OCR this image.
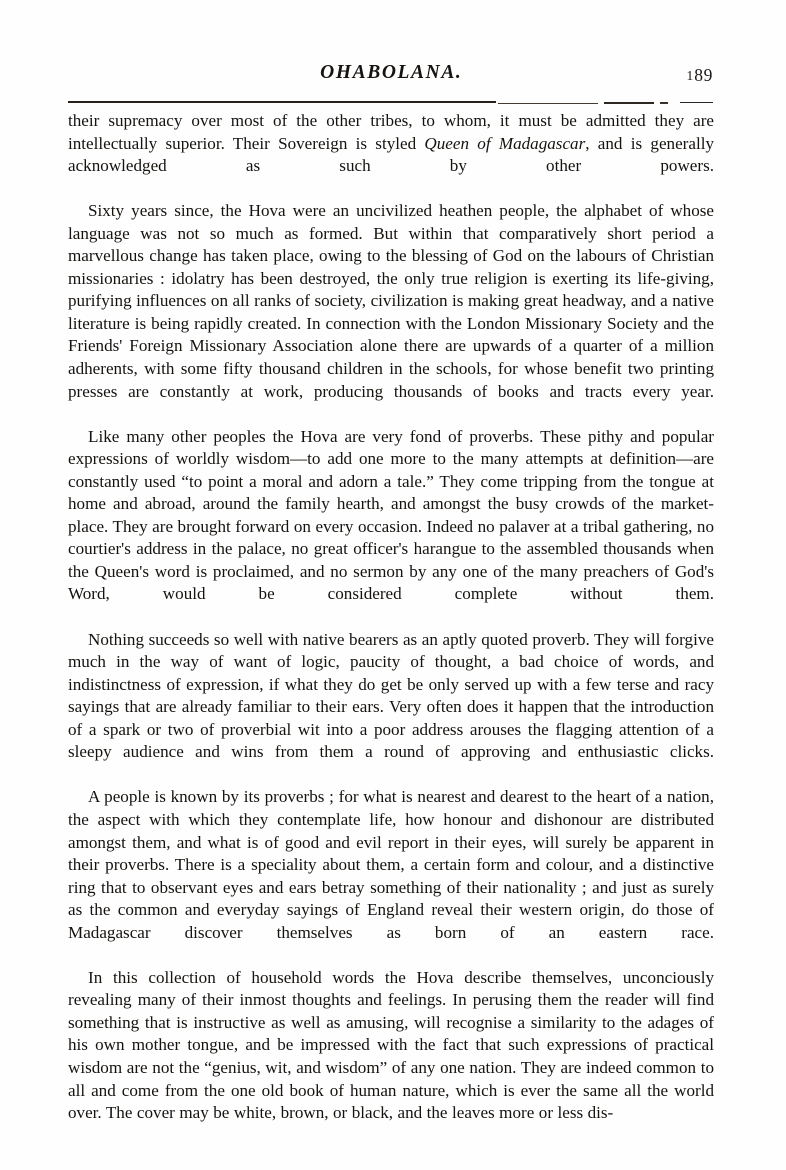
OHABOLANA.	189

their supremacy over most of the other tribes, to whom, it must be admitted they are intellectually superior. Their Sovereign is styled Queen of Madagascar, and is generally acknowledged as such by other powers.

Sixty years since, the Hova were an uncivilized heathen people, the alphabet of whose language was not so much as formed. But within that comparatively short period a marvellous change has taken place, owing to the blessing of God on the labours of Christian missionaries : idolatry has been destroyed, the only true religion is exerting its life-giving, purifying influences on all ranks of society, civilization is making great headway, and a native literature is being rapidly created. In connection with the London Missionary Society and the Friends' Foreign Missionary Association alone there are upwards of a quarter of a million adherents, with some fifty thousand children in the schools, for whose benefit two printing presses are constantly at work, producing thousands of books and tracts every year.

Like many other peoples the Hova are very fond of proverbs. These pithy and popular expressions of worldly wisdom—to add one more to the many attempts at definition—are constantly used “to point a moral and adorn a tale.” They come tripping from the tongue at home and abroad, around the family hearth, and amongst the busy crowds of the market-place. They are brought forward on every occasion. Indeed no palaver at a tribal gathering, no courtier's address in the palace, no great officer's harangue to the assembled thousands when the Queen's word is proclaimed, and no sermon by any one of the many preachers of God's Word, would be considered complete without them.

Nothing succeeds so well with native bearers as an aptly quoted proverb. They will forgive much in the way of want of logic, paucity of thought, a bad choice of words, and indistinctness of expression, if what they do get be only served up with a few terse and racy sayings that are already familiar to their ears. Very often does it happen that the introduction of a spark or two of proverbial wit into a poor address arouses the flagging attention of a sleepy audience and wins from them a round of approving and enthusiastic clicks.

A people is known by its proverbs ; for what is nearest and dearest to the heart of a nation, the aspect with which they contemplate life, how honour and dishonour are distributed amongst them, and what is of good and evil report in their eyes, will surely be apparent in their proverbs. There is a speciality about them, a certain form and colour, and a distinctive ring that to observant eyes and ears betray something of their nationality ; and just as surely as the common and everyday sayings of England reveal their western origin, do those of Madagascar discover themselves as born of an eastern race.

In this collection of household words the Hova describe themselves, unconciously revealing many of their inmost thoughts and feelings. In perusing them the reader will find something that is instructive as well as amusing, will recognise a similarity to the adages of his own mother tongue, and be impressed with the fact that such expressions of practical wisdom are not the “genius, wit, and wisdom” of any one nation. They are indeed common to all and come from the one old book of human nature, which is ever the same all the world over. The cover may be white, brown, or black, and the leaves more or less dis-
